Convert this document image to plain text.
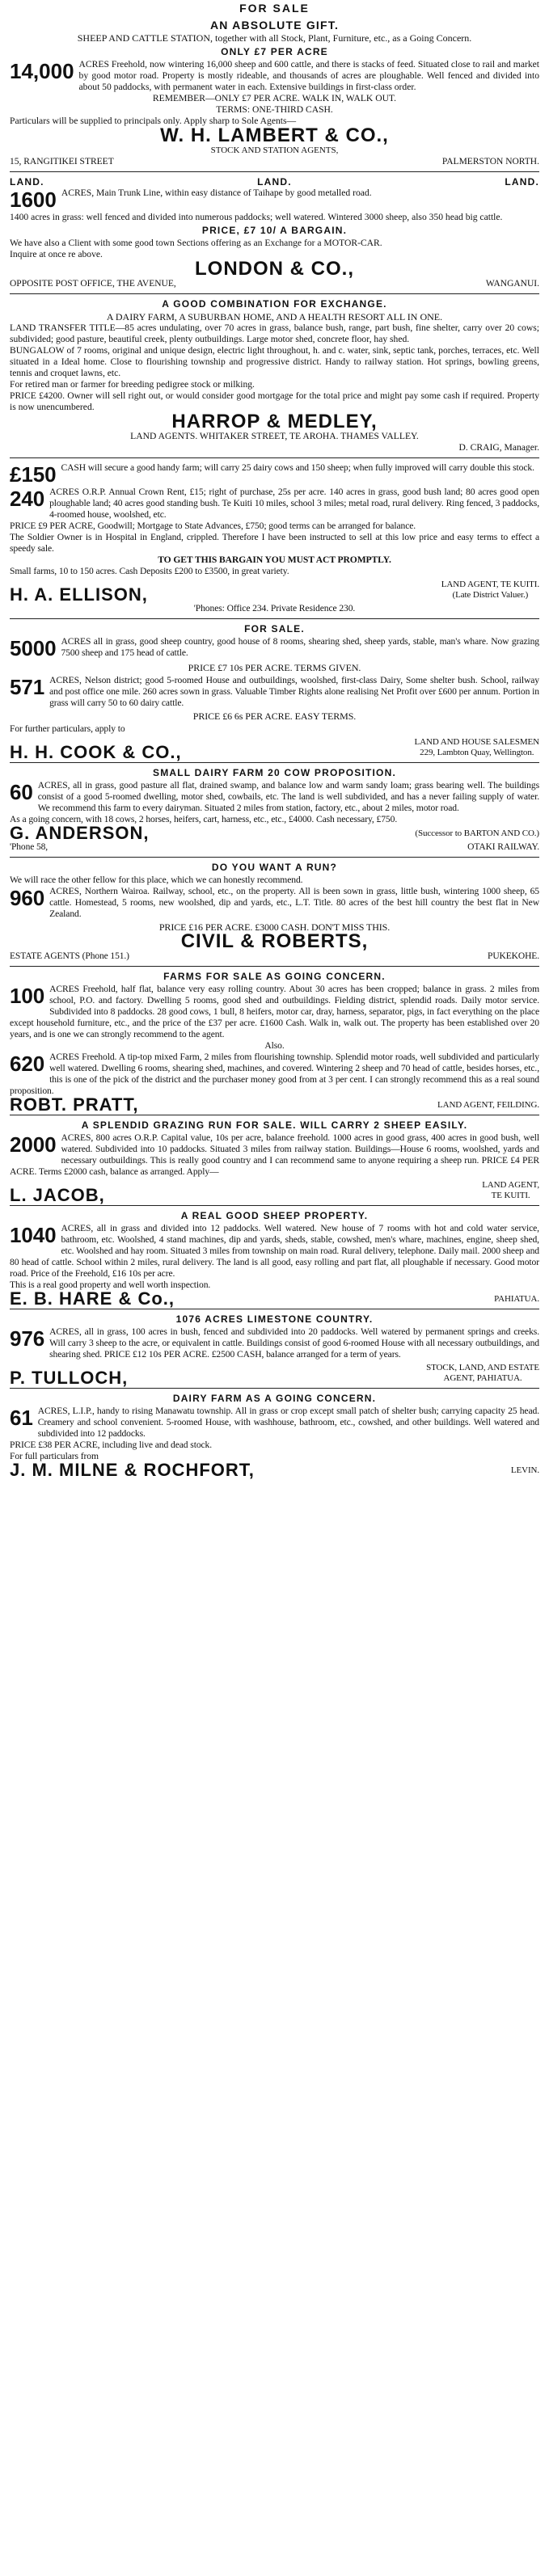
FOR SALE
AN ABSOLUTE GIFT.

SHEEP AND CATTLE STATION, together with all Stock, Plant, Furniture, etc., as a Going Concern.

ONLY £7 PER ACRE
14,000 ACRES Freehold, now wintering 16,000 sheep and 600 cattle, and there is stacks of feed. Situated close to rail and market by good motor road. Property is mostly rideable, and thousands of acres are ploughable. Well fenced and divided into about 50 paddocks, with permanent water in each. Extensive buildings in first-class order.

REMEMBER—ONLY £7 PER ACRE. WALK IN, WALK OUT.

TERMS: ONE-THIRD CASH.

Particulars will be supplied to principals only. Apply sharp to Sole Agents—

W. H. LAMBERT & CO.,

STOCK AND STATION AGENTS,

15, RANGITIKEI STREET	PALMERSTON NORTH.
LAND.	LAND.	LAND.
1600 ACRES, Main Trunk Line, within easy distance of Taihape by good metalled road.

1400 acres in grass: well fenced and divided into numerous paddocks; well watered. Wintered 3000 sheep, also 350 head big cattle.

PRICE, £7 10/ A BARGAIN.

We have also a Client with some good town Sections offering as an Exchange for a MOTOR-CAR.

Inquire at once re above.

LONDON & CO.,
OPPOSITE POST OFFICE, THE AVENUE,	WANGANUI.
A GOOD COMBINATION FOR EXCHANGE.

A DAIRY FARM, A SUBURBAN HOME, AND A HEALTH RESORT ALL IN ONE.

LAND TRANSFER TITLE—85 acres undulating, over 70 acres in grass, balance bush, range, part bush, fine shelter, carry over 20 cows; subdivided; good pasture, beautiful creek, plenty outbuildings. Large motor shed, concrete floor, hay shed.

BUNGALOW of 7 rooms, original and unique design, electric light throughout, h. and c. water, sink, septic tank, porches, terraces, etc. Well situated in a Ideal home. Close to flourishing township and progressive district. Handy to railway station. Hot springs, bowling greens, tennis and croquet lawns, etc.

For retired man or farmer for breeding pedigree stock or milking.

PRICE £4200. Owner will sell right out, or would consider good mortgage for the total price and might pay some cash if required. Property is now unencumbered.

HARROP & MEDLEY,

LAND AGENTS. WHITAKER STREET, TE AROHA. THAMES VALLEY.

D. CRAIG, Manager.

£150 CASH will secure a good handy farm; will carry 25 dairy cows and 150 sheep; when fully improved will carry double this stock.

240 ACRES O.R.P. Annual Crown Rent, £15; right of purchase, 25s per acre. 140 acres in grass, good bush land; 80 acres good open ploughable land; 40 acres good standing bush. Te Kuiti 10 miles, school 3 miles; metal road, rural delivery. Ring fenced, 3 paddocks, 4-roomed house, woolshed, etc.

PRICE £9 PER ACRE, Goodwill; Mortgage to State Advances, £750; good terms can be arranged for balance.

The Soldier Owner is in Hospital in England, crippled. Therefore I have been instructed to sell at this low price and easy terms to effect a speedy sale.

TO GET THIS BARGAIN YOU MUST ACT PROMPTLY.

Small farms, 10 to 150 acres. Cash Deposits £200 to £3500, in great variety.

H. A. ELLISON,	LAND AGENT, TE KUITI.
(Late District Valuer.)

'Phones: Office 234. Private Residence 230.

FOR SALE.
5000 ACRES all in grass, good sheep country, good house of 8 rooms, shearing shed, sheep yards, stable, man's whare. Now grazing 7500 sheep and 175 head of cattle.

PRICE £7 10s PER ACRE. TERMS GIVEN.
571 ACRES, Nelson district; good 5-roomed House and outbuildings, woolshed, first-class Dairy, Some shelter bush. School, railway and post office one mile. 260 acres sown in grass. Valuable Timber Rights alone realising Net Profit over £600 per annum. Portion in grass will carry 50 to 60 dairy cattle.

PRICE £6 6s PER ACRE. EASY TERMS.

For further particulars, apply to

H. H. COOK & CO.,	LAND AND HOUSE SALESMEN
229, Lambton Quay, Wellington.
SMALL DAIRY FARM 20 COW PROPOSITION.
60 ACRES, all in grass, good pasture all flat, drained swamp, and balance low and warm sandy loam; grass bearing well. The buildings consist of a good 5-roomed dwelling, motor shed, cowbails, etc. The land is well subdivided, and has a never failing supply of water. We recommend this farm to every dairyman. Situated 2 miles from station, factory, etc., about 2 miles, motor road.

As a going concern, with 18 cows, 2 horses, heifers, cart, harness, etc., etc., £4000. Cash necessary, £750.

G. ANDERSON,	(Successor to BARTON AND CO.)
'Phone 58,	OTAKI RAILWAY.
DO YOU WANT A RUN?

We will race the other fellow for this place, which we can honestly recommend.

960 ACRES, Northern Wairoa. Railway, school, etc., on the property. All is been sown in grass, little bush, wintering 1000 sheep, 65 cattle. Homestead, 5 rooms, new woolshed, dip and yards, etc., L.T. Title. 80 acres of the best hill country the best flat in New Zealand.

PRICE £16 PER ACRE. £3000 CASH. DON'T MISS THIS.
CIVIL & ROBERTS,
ESTATE AGENTS (Phone 151.)	PUKEKOHE.
FARMS FOR SALE AS GOING CONCERN.
100 ACRES Freehold, half flat, balance very easy rolling country. About 30 acres has been cropped; balance in grass. 2 miles from school, P.O. and factory. Dwelling 5 rooms, good shed and outbuildings. Fielding district, splendid roads. Daily motor service. Subdivided into 8 paddocks. 28 good cows, 1 bull, 8 heifers, motor car, dray, harness, separator, pigs, in fact everything on the place except household furniture, etc., and the price of the £37 per acre. £1600 Cash. Walk in, walk out. The property has been established over 20 years, and is one we can strongly recommend to the agent.

Also.

620 ACRES Freehold. A tip-top mixed Farm, 2 miles from flourishing township. Splendid motor roads, well subdivided and particularly well watered. Dwelling 6 rooms, shearing shed, machines, and covered. Wintering 2 sheep and 70 head of cattle, besides horses, etc., this is one of the pick of the district and the purchaser money good from at 3 per cent. I can strongly recommend this as a real sound proposition.

ROBT. PRATT,	LAND AGENT, FEILDING.
A SPLENDID GRAZING RUN FOR SALE. WILL CARRY 2 SHEEP EASILY.
2000 ACRES, 800 acres O.R.P. Capital value, 10s per acre, balance freehold. 1000 acres in good grass, 400 acres in good bush, well watered. Subdivided into 10 paddocks. Situated 3 miles from railway station. Buildings—House 6 rooms, woolshed, yards and necessary outbuildings. This is really good country and I can recommend same to anyone requiring a sheep run. PRICE £4 PER ACRE. Terms £2000 cash, balance as arranged. Apply—

L. JACOB,	LAND AGENT,
TE KUITI.
A REAL GOOD SHEEP PROPERTY.
1040 ACRES, all in grass and divided into 12 paddocks. Well watered. New house of 7 rooms with hot and cold water service, bathroom, etc. Woolshed, 4 stand machines, dip and yards, sheds, stable, cowshed, men's whare, machines, engine, sheep shed, etc. Woolshed and hay room. Situated 3 miles from township on main road. Rural delivery, telephone. Daily mail. 2000 sheep and 80 head of cattle. School within 2 miles, rural delivery. The land is all good, easy rolling and part flat, all ploughable if necessary. Good motor road. Price of the Freehold, £16 10s per acre.

This is a real good property and well worth inspection.

E. B. HARE & Co.,	PAHIATUA.
1076 ACRES LIMESTONE COUNTRY.
976 ACRES, all in grass, 100 acres in bush, fenced and subdivided into 20 paddocks. Well watered by permanent springs and creeks. Will carry 3 sheep to the acre, or equivalent in cattle. Buildings consist of good 6-roomed House with all necessary outbuildings, and shearing shed. PRICE £12 10s PER ACRE. £2500 CASH, balance arranged for a term of years.

P. TULLOCH,	STOCK, LAND, AND ESTATE
AGENT, PAHIATUA.
DAIRY FARM AS A GOING CONCERN.
61 ACRES, L.I.P., handy to rising Manawatu township. All in grass or crop except small patch of shelter bush; carrying capacity 25 head. Creamery and school convenient. 5-roomed House, with washhouse, bathroom, etc., cowshed, and other buildings. Well watered and subdivided into 12 paddocks.

PRICE £38 PER ACRE, including live and dead stock.

For full particulars from

J. M. MILNE & ROCHFORT,	LEVIN.
